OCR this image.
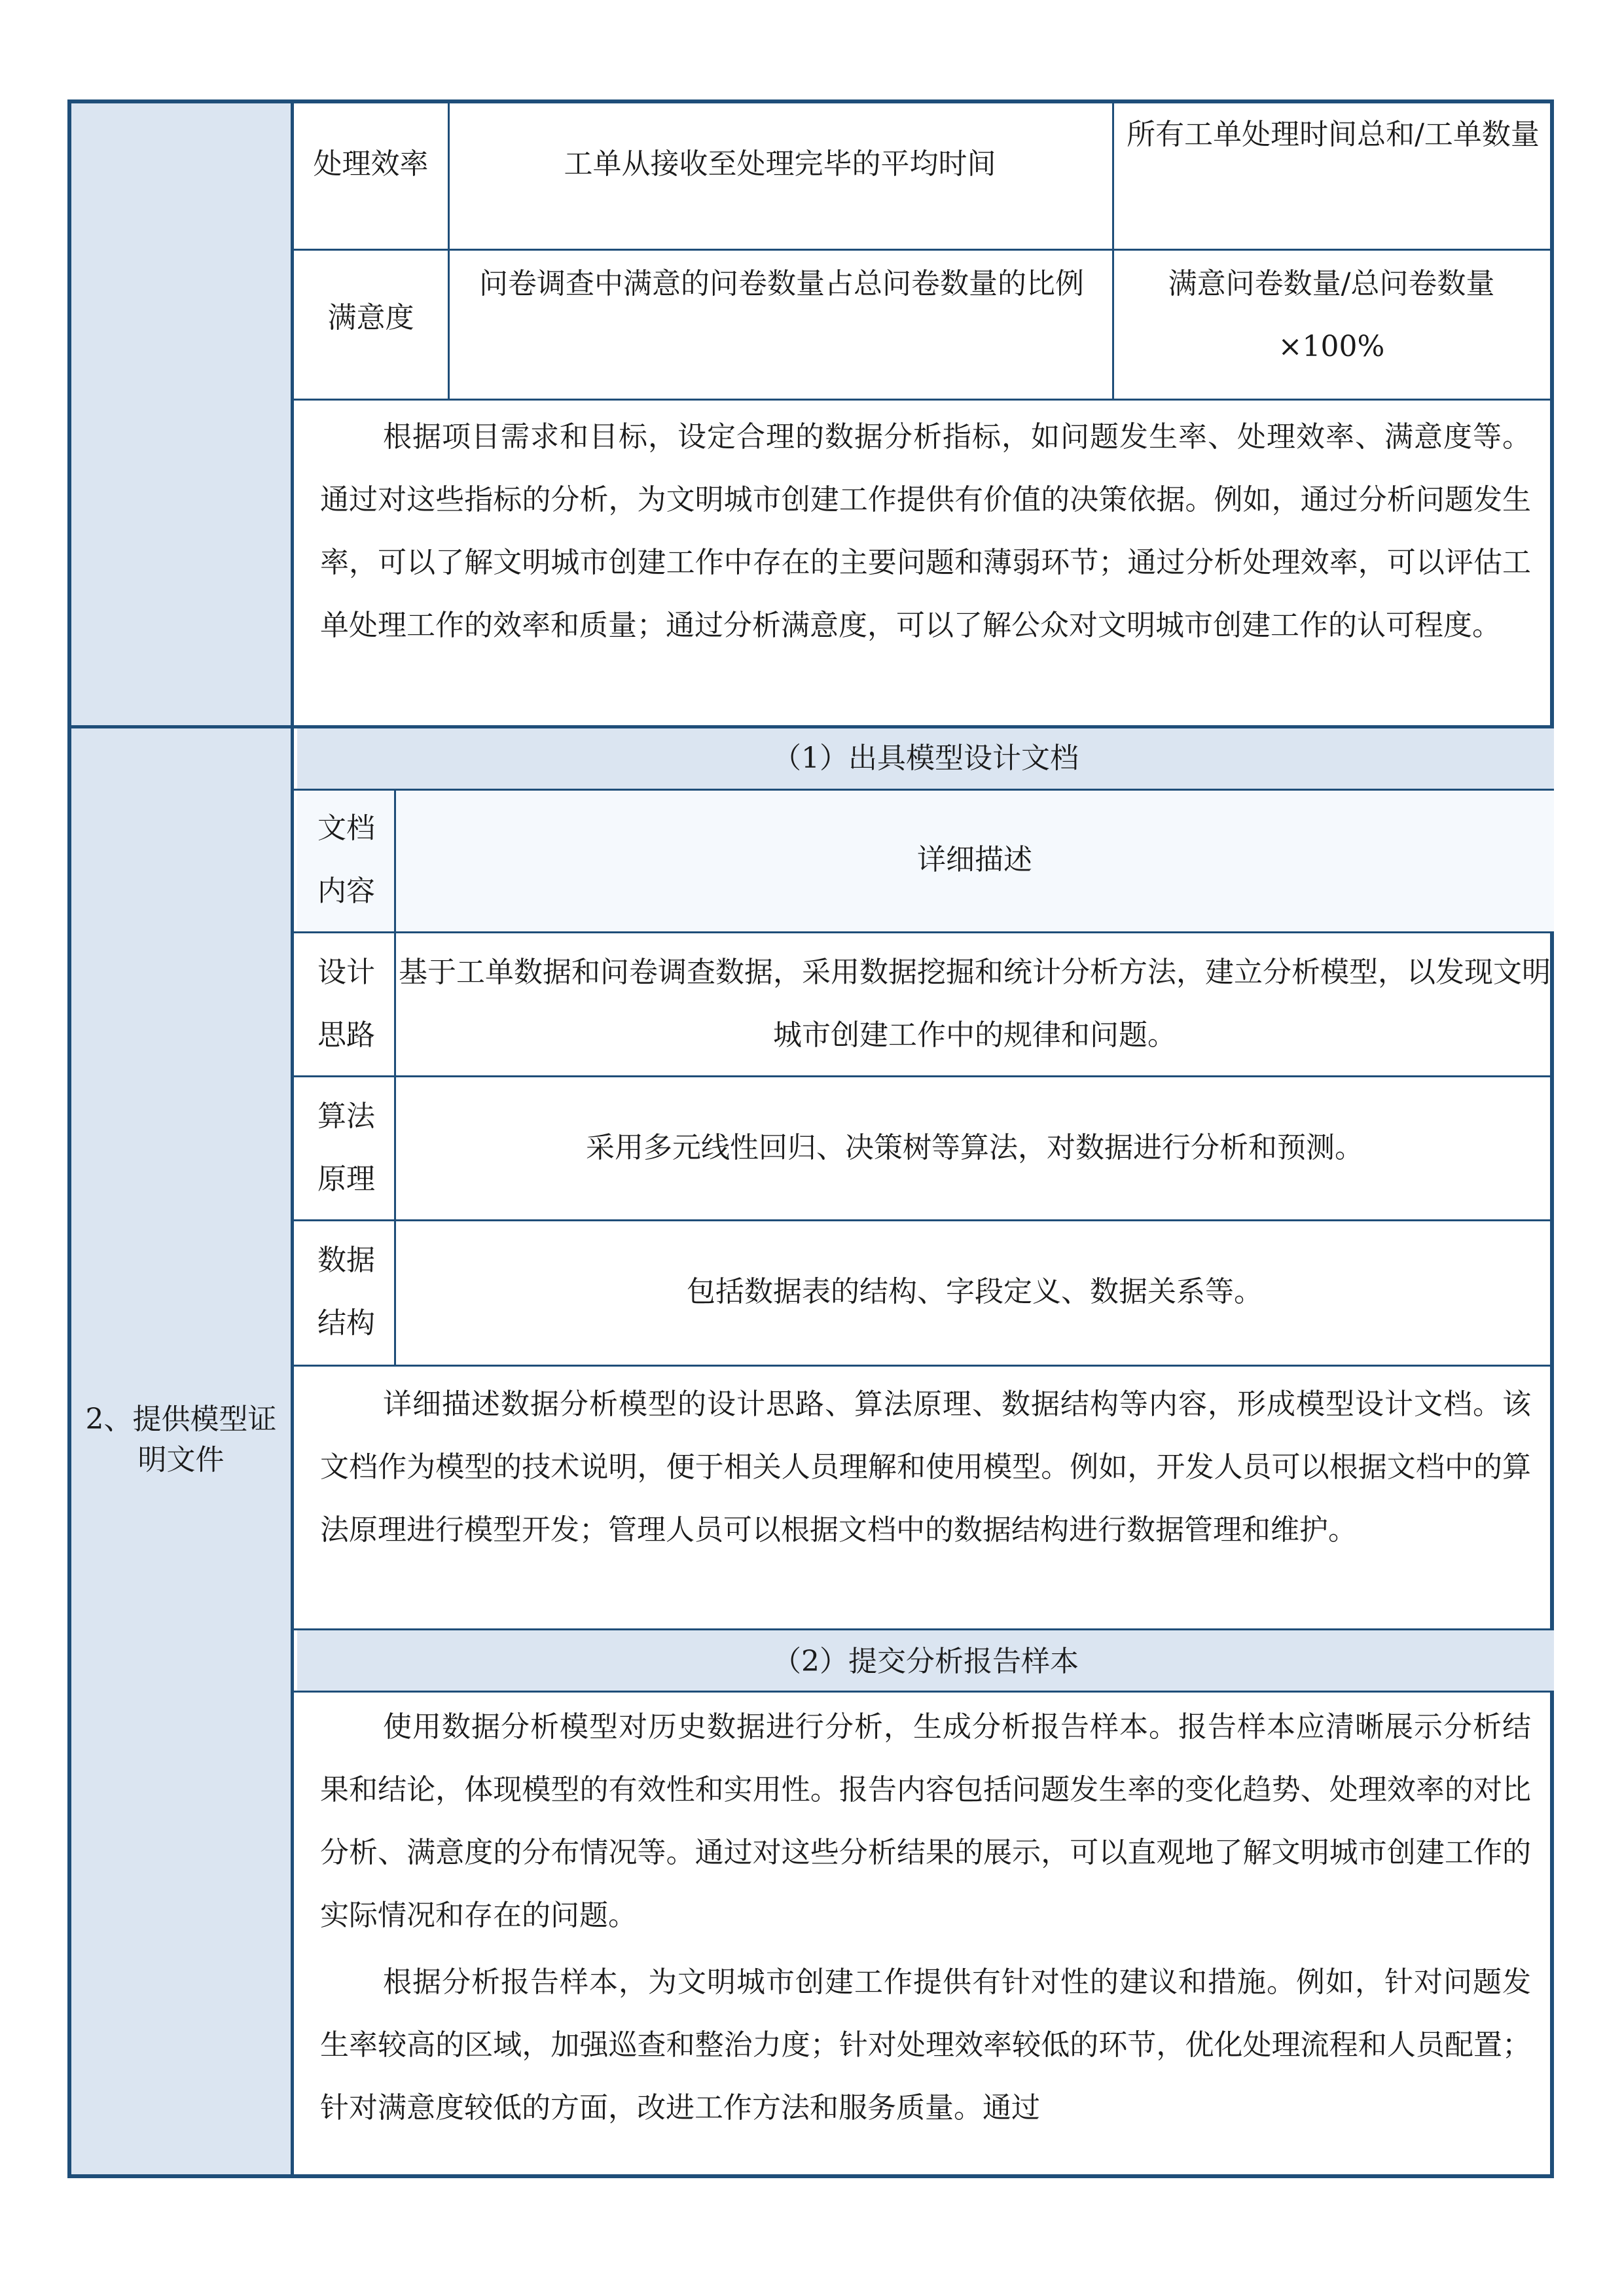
2、提供模型证明文件
处理效率	工单从接收至处理完毕的平均时间
所有工单处理时间总和/工单数量
满意度
问卷调查中满意的问卷数量占总问卷数量的比例	满意问卷数量/总问卷数量×100%
根据项目需求和目标，设定合理的数据分析指标，如问题发生率、处理效率、满意度等。通过对这些指标的分析，为文明城市创建工作提供有价值的决策依据。例如，通过分析问题发生率，可以了解文明城市创建工作中存在的主要问题和薄弱环节；通过分析处理效率，可以评估工单处理工作的效率和质量；通过分析满意度，可以了解公众对文明城市创建工作的认可程度。
（1）出具模型设计文档
文档内容
详细描述
设计思路
基于工单数据和问卷调查数据，采用数据挖掘和统计分析方法，建立分析模型，以发现文明城市创建工作中的规律和问题。
算法原理
采用多元线性回归、决策树等算法，对数据进行分析和预测。
数据结构
包括数据表的结构、字段定义、数据关系等。
详细描述数据分析模型的设计思路、算法原理、数据结构等内容，形成模型设计文档。该文档作为模型的技术说明，便于相关人员理解和使用模型。例如，开发人员可以根据文档中的算法原理进行模型开发；管理人员可以根据文档中的数据结构进行数据管理和维护。
（2）提交分析报告样本
使用数据分析模型对历史数据进行分析，生成分析报告样本。报告样本应清晰展示分析结果和结论，体现模型的有效性和实用性。报告内容包括问题发生率的变化趋势、处理效率的对比分析、满意度的分布情况等。通过对这些分析结果的展示，可以直观地了解文明城市创建工作的实际情况和存在的问题。
根据分析报告样本，为文明城市创建工作提供有针对性的建议和措施。例如，针对问题发生率较高的区域，加强巡查和整治力度；针对处理效率较低的环节，优化处理流程和人员配置；针对满意度较低的方面，改进工作方法和服务质量。通过
